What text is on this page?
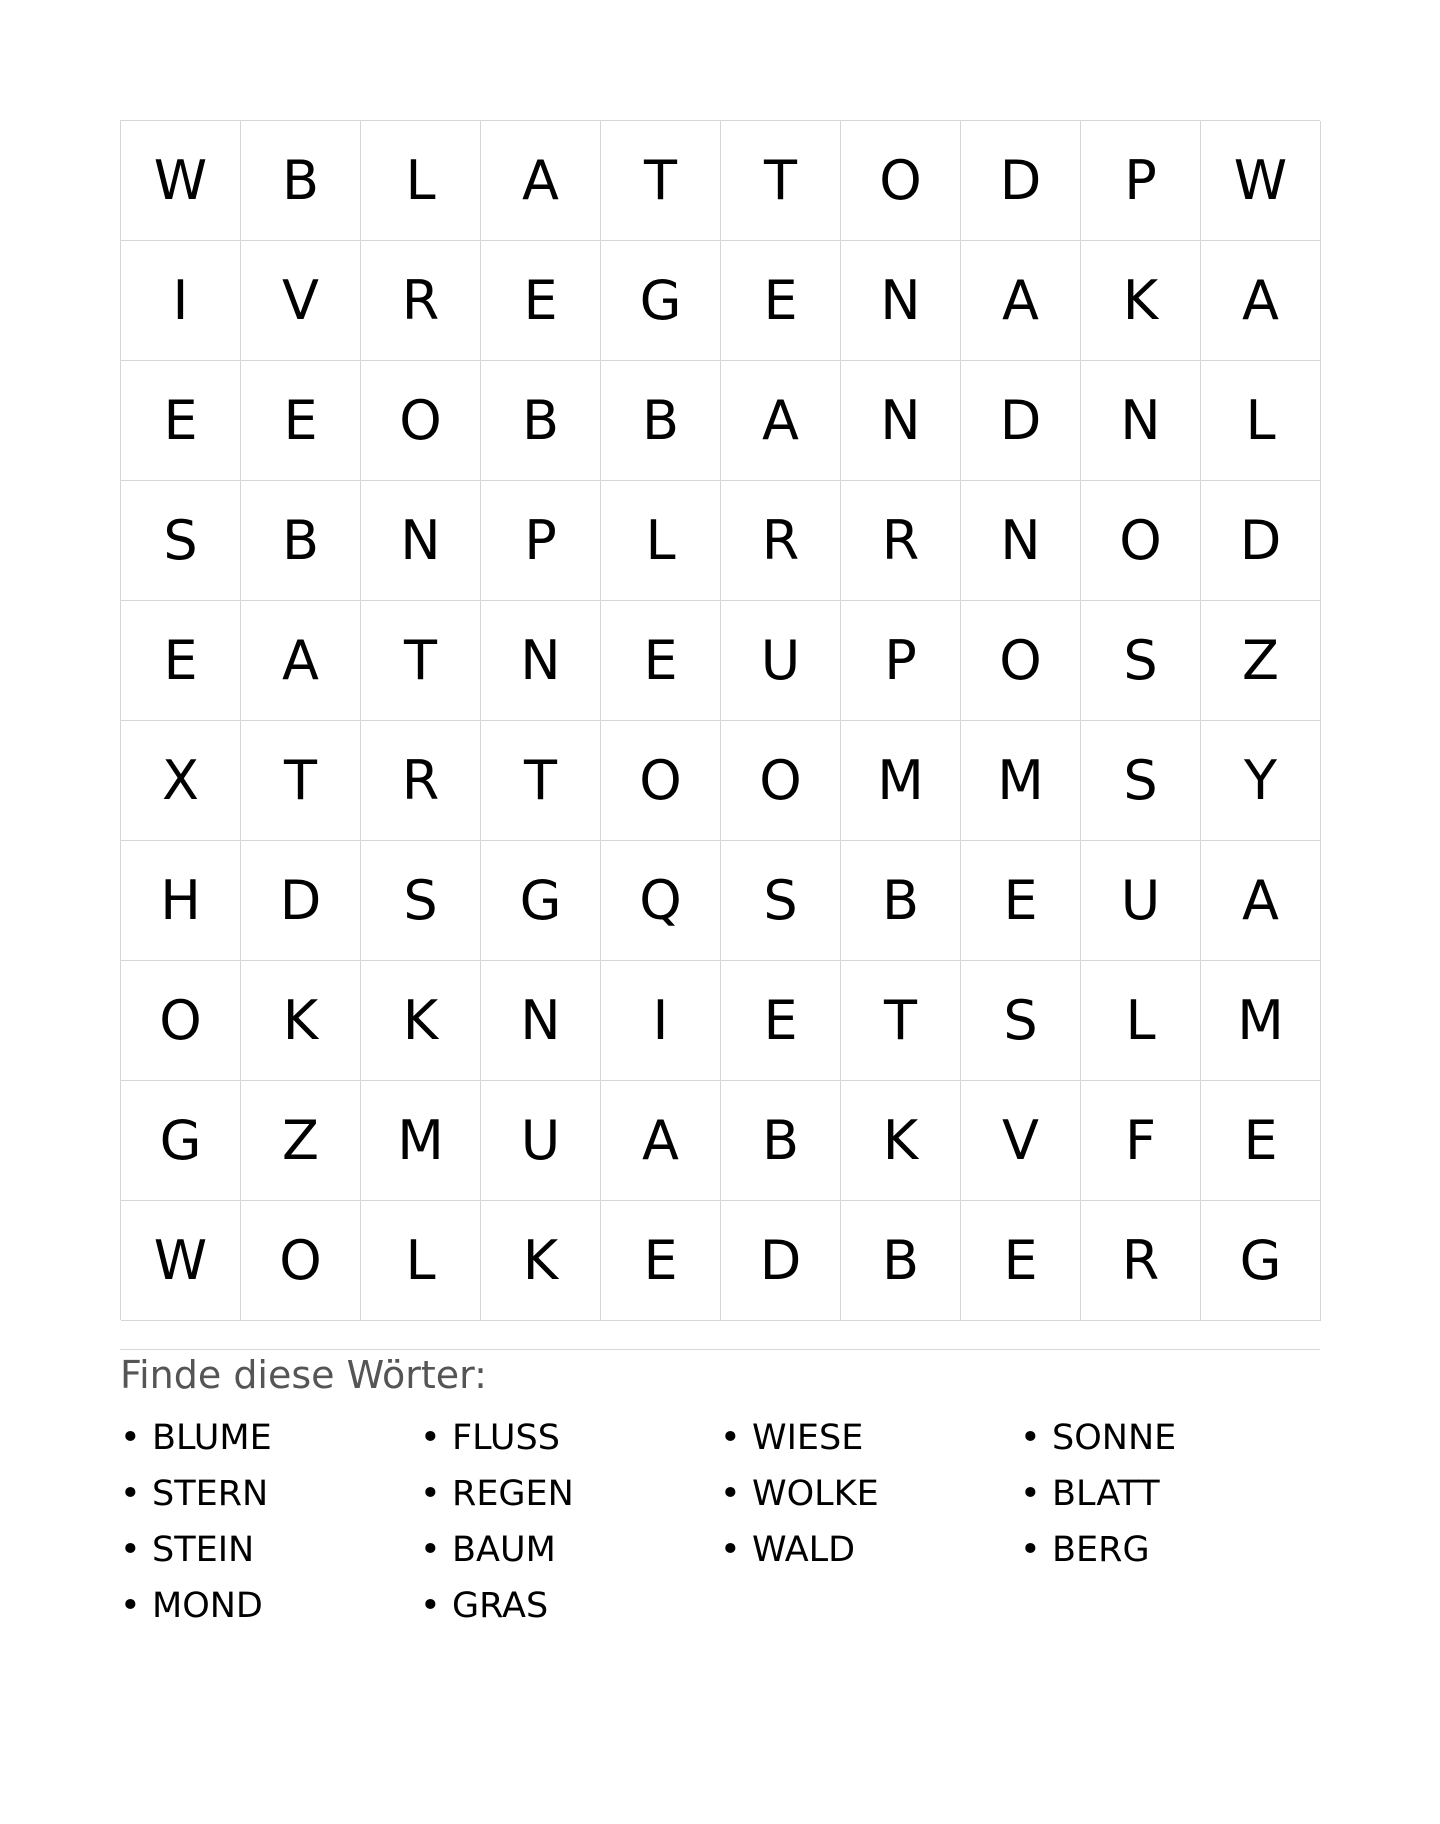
W	B	L	A	T	T	O	D	P	W
I	V	R	E	G	E	N	A	K	A
E	E	O	B	B	A	N	D	N	L
S	B	N	P	L	R	R	N	O	D
E	A	T	N	E	U	P	O	S	Z
X	T	R	T	O	O	M	M	S	Y
H	D	S	G	Q	S	B	E	U	A
O	K	K	N	I	E	T	S	L	M
G	Z	M	U	A	B	K	V	F	E
W	O	L	K	E	D	B	E	R	G
Finde diese Wörter:
• BLUME	• FLUSS	• WIESE	• SONNE
• STERN	• REGEN	• WOLKE	• BLATT
• STEIN	• BAUM	• WALD	• BERG
• MOND	• GRAS
